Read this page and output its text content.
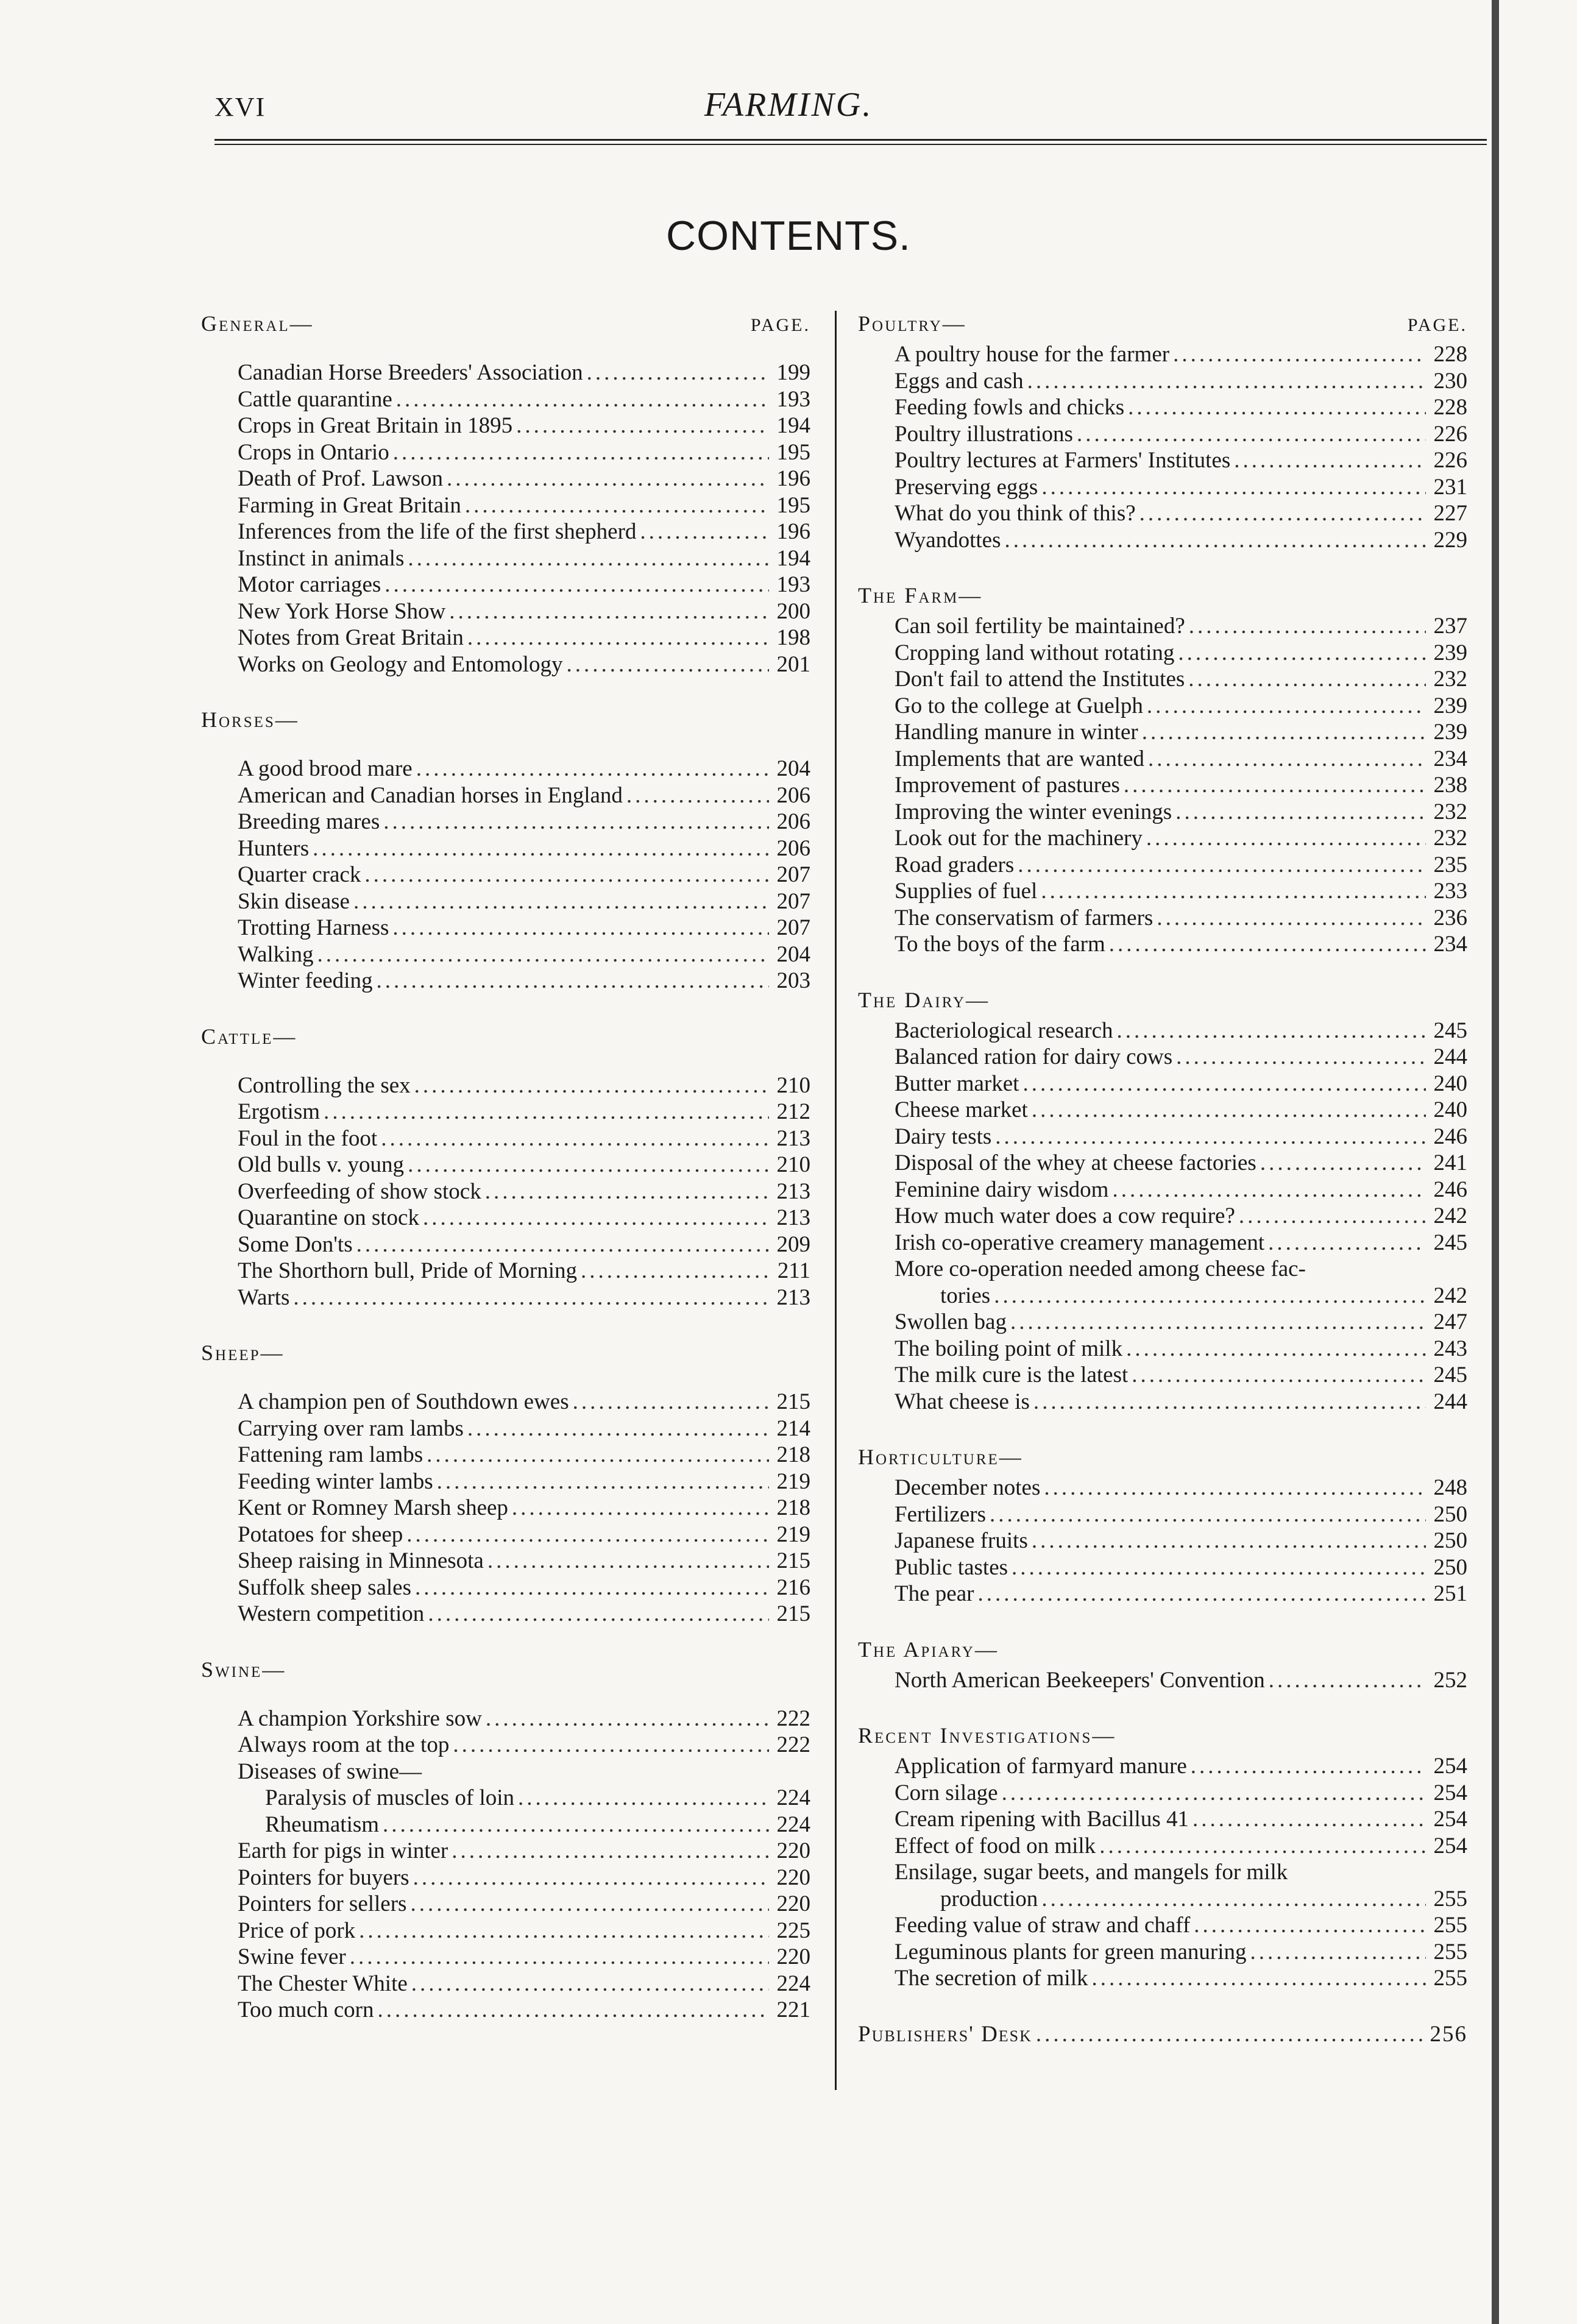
XVI	FARMING.
CONTENTS.
General—	PAGE.
Canadian Horse Breeders' Association .....	199
Cattle quarantine .....	193
Crops in Great Britain in 1895 .....	194
Crops in Ontario .....	195
Death of Prof. Lawson .....	196
Farming in Great Britain .....	195
Inferences from the life of the first shepherd .....	196
Instinct in animals .....	194
Motor carriages .....	193
New York Horse Show .....	200
Notes from Great Britain .....	198
Works on Geology and Entomology .....	201
Horses—
A good brood mare .....	204
American and Canadian horses in England .....	206
Breeding mares .....	206
Hunters .....	206
Quarter crack .....	207
Skin disease .....	207
Trotting Harness .....	207
Walking .....	204
Winter feeding .....	203
Cattle—
Controlling the sex .....	210
Ergotism .....	212
Foul in the foot .....	213
Old bulls v. young .....	210
Overfeeding of show stock .....	213
Quarantine on stock .....	213
Some Don'ts .....	209
The Shorthorn bull, Pride of Morning .....	211
Warts .....	213
Sheep—
A champion pen of Southdown ewes .....	215
Carrying over ram lambs .....	214
Fattening ram lambs .....	218
Feeding winter lambs .....	219
Kent or Romney Marsh sheep .....	218
Potatoes for sheep .....	219
Sheep raising in Minnesota .....	215
Suffolk sheep sales .....	216
Western competition .....	215
Swine—
A champion Yorkshire sow .....	222
Always room at the top .....	222
Diseases of swine—
Paralysis of muscles of loin .....	224
Rheumatism .....	224
Earth for pigs in winter .....	220
Pointers for buyers .....	220
Pointers for sellers .....	220
Price of pork .....	225
Swine fever .....	220
The Chester White .....	224
Too much corn .....	221
Poultry—	PAGE.
A poultry house for the farmer .....	228
Eggs and cash .....	230
Feeding fowls and chicks .....	228
Poultry illustrations .....	226
Poultry lectures at Farmers' Institutes .....	226
Preserving eggs .....	231
What do you think of this? .....	227
Wyandottes .....	229
The Farm—
Can soil fertility be maintained? .....	237
Cropping land without rotating .....	239
Don't fail to attend the Institutes .....	232
Go to the college at Guelph .....	239
Handling manure in winter .....	239
Implements that are wanted .....	234
Improvement of pastures .....	238
Improving the winter evenings .....	232
Look out for the machinery .....	232
Road graders .....	235
Supplies of fuel .....	233
The conservatism of farmers .....	236
To the boys of the farm .....	234
The Dairy—
Bacteriological research .....	245
Balanced ration for dairy cows .....	244
Butter market .....	240
Cheese market .....	240
Dairy tests .....	246
Disposal of the whey at cheese factories .....	241
Feminine dairy wisdom .....	246
How much water does a cow require? .....	242
Irish co-operative creamery management .....	245
More co-operation needed among cheese fac-
tories .....	242
Swollen bag .....	247
The boiling point of milk .....	243
The milk cure is the latest .....	245
What cheese is .....	244
Horticulture—
December notes .....	248
Fertilizers .....	250
Japanese fruits .....	250
Public tastes .....	250
The pear .....	251
The Apiary—
North American Beekeepers' Convention .....	252
Recent Investigations—
Application of farmyard manure .....	254
Corn silage .....	254
Cream ripening with Bacillus 41 .....	254
Effect of food on milk .....	254
Ensilage, sugar beets, and mangels for milk
production .....	255
Feeding value of straw and chaff .....	255
Leguminous plants for green manuring .....	255
The secretion of milk .....	255
Publishers' Desk .....	256
